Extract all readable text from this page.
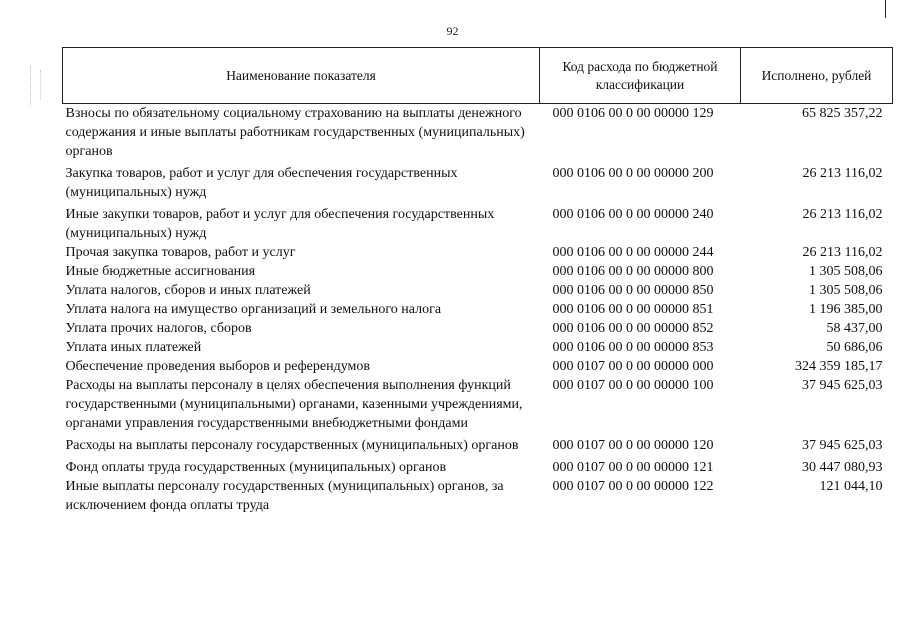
92
Наименование показателя	Код расхода по бюджетной классификации	Исполнено, рублей
Взносы по обязательному социальному страхованию на выплаты денежного содержания и иные выплаты работникам государственных (муниципальных) органов	000 0106 00 0 00 00000 129	65 825 357,22
Закупка товаров, работ и услуг для обеспечения государственных (муниципальных) нужд	000 0106 00 0 00 00000 200	26 213 116,02
Иные закупки товаров, работ и услуг для обеспечения государственных (муниципальных) нужд	000 0106 00 0 00 00000 240	26 213 116,02
Прочая закупка товаров, работ и услуг	000 0106 00 0 00 00000 244	26 213 116,02
Иные бюджетные ассигнования	000 0106 00 0 00 00000 800	1 305 508,06
Уплата налогов, сборов и иных платежей	000 0106 00 0 00 00000 850	1 305 508,06
Уплата налога на имущество организаций и земельного налога	000 0106 00 0 00 00000 851	1 196 385,00
Уплата прочих налогов, сборов	000 0106 00 0 00 00000 852	58 437,00
Уплата иных платежей	000 0106 00 0 00 00000 853	50 686,06
Обеспечение проведения выборов и референдумов	000 0107 00 0 00 00000 000	324 359 185,17
Расходы на выплаты персоналу в целях обеспечения выполнения функций государственными (муниципальными) органами, казенными учреждениями, органами управления государственными внебюджетными фондами	000 0107 00 0 00 00000 100	37 945 625,03
Расходы на выплаты персоналу государственных (муниципальных) органов	000 0107 00 0 00 00000 120	37 945 625,03
Фонд оплаты труда государственных (муниципальных) органов	000 0107 00 0 00 00000 121	30 447 080,93
Иные выплаты персоналу государственных (муниципальных) органов, за исключением фонда оплаты труда	000 0107 00 0 00 00000 122	121 044,10
